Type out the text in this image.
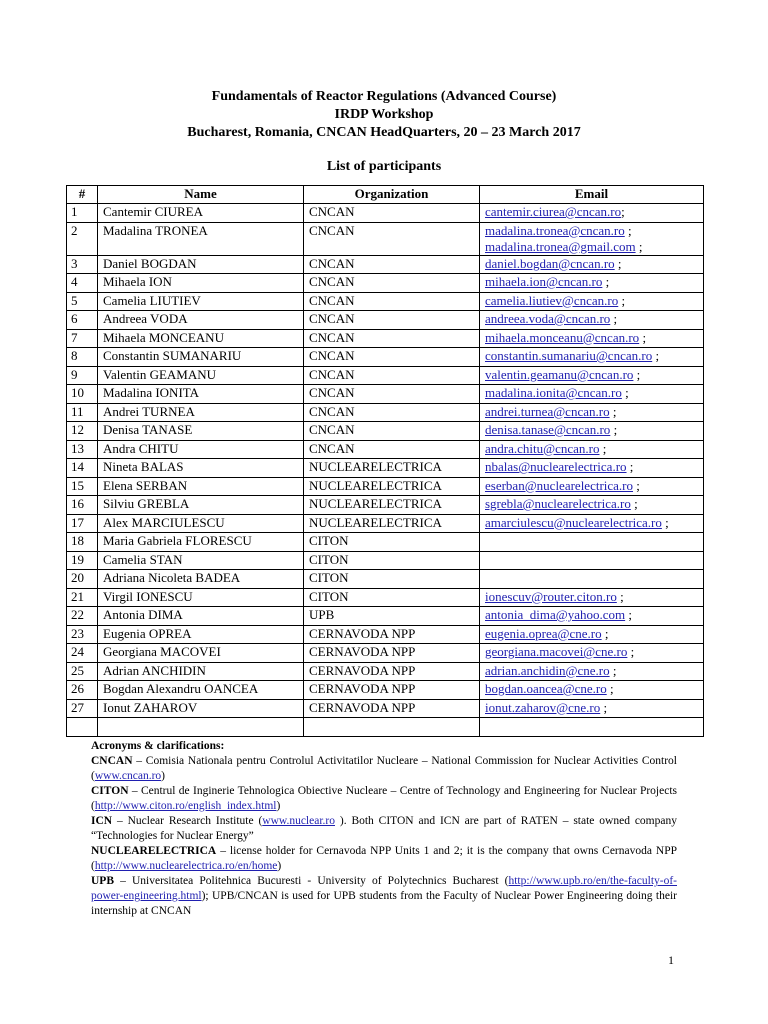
Fundamentals of Reactor Regulations (Advanced Course)
IRDP Workshop
Bucharest, Romania, CNCAN HeadQuarters, 20 – 23 March 2017
List of participants
#	Name	Organization	Email
1	Cantemir CIUREA	CNCAN	cantemir.ciurea@cncan.ro;
2	Madalina TRONEA	CNCAN	madalina.tronea@cncan.ro ;
madalina.tronea@gmail.com ;
3	Daniel BOGDAN	CNCAN	daniel.bogdan@cncan.ro ;
4	Mihaela ION	CNCAN	mihaela.ion@cncan.ro ;
5	Camelia LIUTIEV	CNCAN	camelia.liutiev@cncan.ro ;
6	Andreea VODA	CNCAN	andreea.voda@cncan.ro ;
7	Mihaela MONCEANU	CNCAN	mihaela.monceanu@cncan.ro ;
8	Constantin SUMANARIU	CNCAN	constantin.sumanariu@cncan.ro ;
9	Valentin GEAMANU	CNCAN	valentin.geamanu@cncan.ro ;
10	Madalina IONITA	CNCAN	madalina.ionita@cncan.ro ;
11	Andrei TURNEA	CNCAN	andrei.turnea@cncan.ro ;
12	Denisa TANASE	CNCAN	denisa.tanase@cncan.ro ;
13	Andra CHITU	CNCAN	andra.chitu@cncan.ro ;
14	Nineta BALAS	NUCLEARELECTRICA	nbalas@nuclearelectrica.ro ;
15	Elena SERBAN	NUCLEARELECTRICA	eserban@nuclearelectrica.ro ;
16	Silviu GREBLA	NUCLEARELECTRICA	sgrebla@nuclearelectrica.ro ;
17	Alex MARCIULESCU	NUCLEARELECTRICA	amarciulescu@nuclearelectrica.ro ;
18	Maria Gabriela FLORESCU	CITON	
19	Camelia STAN	CITON	
20	Adriana Nicoleta BADEA	CITON	
21	Virgil IONESCU	CITON	ionescuv@router.citon.ro ;
22	Antonia DIMA	UPB	antonia_dima@yahoo.com ;
23	Eugenia OPREA	CERNAVODA NPP	eugenia.oprea@cne.ro ;
24	Georgiana MACOVEI	CERNAVODA NPP	georgiana.macovei@cne.ro ;
25	Adrian ANCHIDIN	CERNAVODA NPP	adrian.anchidin@cne.ro ;
26	Bogdan Alexandru OANCEA	CERNAVODA NPP	bogdan.oancea@cne.ro ;
27	Ionut ZAHAROV	CERNAVODA NPP	ionut.zaharov@cne.ro ;

Acronyms & clarifications:

CNCAN – Comisia Nationala pentru Controlul Activitatilor Nucleare – National Commission for Nuclear Activities Control (www.cncan.ro)

CITON – Centrul de Inginerie Tehnologica Obiective Nucleare – Centre of Technology and Engineering for Nuclear Projects (http://www.citon.ro/english_index.html)

ICN – Nuclear Research Institute (www.nuclear.ro ). Both CITON and ICN are part of RATEN – state owned company “Technologies for Nuclear Energy”

NUCLEARELECTRICA – license holder for Cernavoda NPP Units 1 and 2; it is the company that owns Cernavoda NPP (http://www.nuclearelectrica.ro/en/home)

UPB – Universitatea Politehnica Bucuresti - University of Polytechnics Bucharest (http://www.upb.ro/en/the-faculty-of-power-engineering.html); UPB/CNCAN is used for UPB students from the Faculty of Nuclear Power Engineering doing their internship at CNCAN

1
